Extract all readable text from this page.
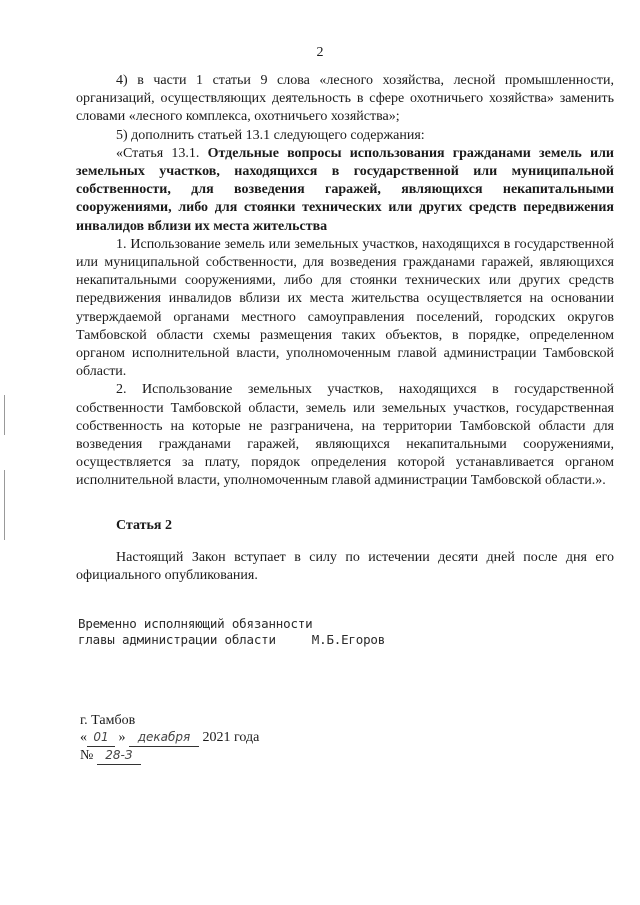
2

4) в части 1 статьи 9 слова «лесного хозяйства, лесной промышленности, организаций, осуществляющих деятельность в сфере охотничьего хозяйства» заменить словами «лесного комплекса, охотничьего хозяйства»;

5) дополнить статьей 13.1 следующего содержания:

«Статья 13.1. Отдельные вопросы использования гражданами земель или земельных участков, находящихся в государственной или муниципальной собственности, для возведения гаражей, являющихся некапитальными сооружениями, либо для стоянки технических или других средств передвижения инвалидов вблизи их места жительства

1. Использование земель или земельных участков, находящихся в государственной или муниципальной собственности, для возведения гражданами гаражей, являющихся некапитальными сооружениями, либо для стоянки технических или других средств передвижения инвалидов вблизи их места жительства осуществляется на основании утверждаемой органами местного самоуправления поселений, городских округов Тамбовской области схемы размещения таких объектов, в порядке, определенном органом исполнительной власти, уполномоченным главой администрации Тамбовской области.

2. Использование земельных участков, находящихся в государственной собственности Тамбовской области, земель или земельных участков, государственная собственность на которые не разграничена, на территории Тамбовской области для возведения гражданами гаражей, являющихся некапитальными сооружениями, осуществляется за плату, порядок определения которой устанавливается органом исполнительной власти, уполномоченным главой администрации Тамбовской области.».

Статья 2

Настоящий Закон вступает в силу по истечении десяти дней после дня его официального опубликования.

Временно исполняющий обязанности
главы администрации области	М.Б.Егоров
г. Тамбов
« 01 » декабря 2021 года
№ 28-З
